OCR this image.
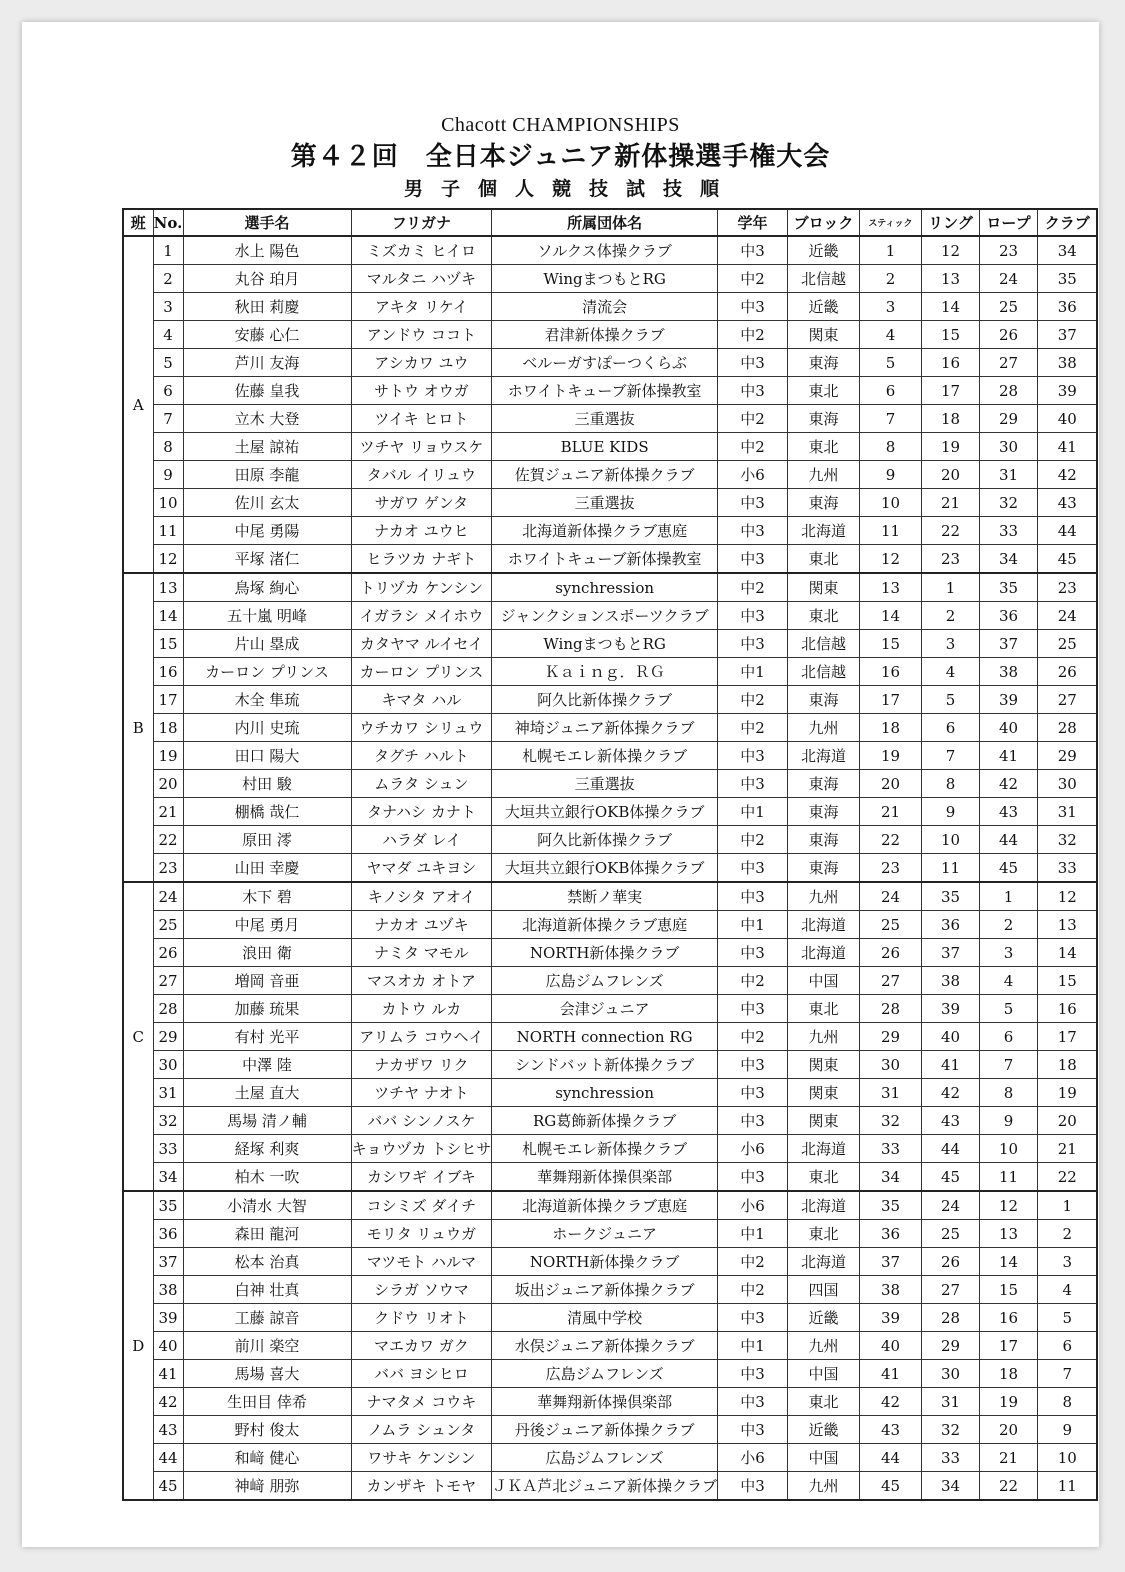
Chacott CHAMPIONSHIPS
第４２回　全日本ジュニア新体操選手権大会
男子個人競技試技順
班	No.	選手名	フリガナ	所属団体名	学年	ブロック	スティック	リング	ロープ	クラブ
A	1	水上 陽色	ミズカミ ヒイロ	ソルクス体操クラブ	中3	近畿	1	12	23	34
	2	丸谷 珀月	マルタニ ハヅキ	WingまつもとRG	中2	北信越	2	13	24	35
	3	秋田 莉慶	アキタ リケイ	清流会	中3	近畿	3	14	25	36
	4	安藤 心仁	アンドウ ココト	君津新体操クラブ	中2	関東	4	15	26	37
	5	芦川 友海	アシカワ ユウ	ベルーガすぽーつくらぶ	中3	東海	5	16	27	38
	6	佐藤 皇我	サトウ オウガ	ホワイトキューブ新体操教室	中3	東北	6	17	28	39
	7	立木 大登	ツイキ ヒロト	三重選抜	中2	東海	7	18	29	40
	8	土屋 諒祐	ツチヤ リョウスケ	BLUE KIDS	中2	東北	8	19	30	41
	9	田原 李龍	タバル イリュウ	佐賀ジュニア新体操クラブ	小6	九州	9	20	31	42
	10	佐川 玄太	サガワ ゲンタ	三重選抜	中3	東海	10	21	32	43
	11	中尾 勇陽	ナカオ ユウヒ	北海道新体操クラブ恵庭	中3	北海道	11	22	33	44
	12	平塚 渚仁	ヒラツカ ナギト	ホワイトキューブ新体操教室	中3	東北	12	23	34	45
B	13	鳥塚 絢心	トリヅカ ケンシン	synchression	中2	関東	13	1	35	23
	14	五十嵐 明峰	イガラシ メイホウ	ジャンクションスポーツクラブ	中3	東北	14	2	36	24
	15	片山 塁成	カタヤマ ルイセイ	WingまつもとRG	中3	北信越	15	3	37	25
	16	カーロン プリンス	カーロン プリンス	Ｋａｉｎｇ．ＲＧ	中1	北信越	16	4	38	26
	17	木全 隼琉	キマタ ハル	阿久比新体操クラブ	中2	東海	17	5	39	27
	18	内川 史琉	ウチカワ シリュウ	神埼ジュニア新体操クラブ	中2	九州	18	6	40	28
	19	田口 陽大	タグチ ハルト	札幌モエレ新体操クラブ	中3	北海道	19	7	41	29
	20	村田 駿	ムラタ シュン	三重選抜	中3	東海	20	8	42	30
	21	棚橋 哉仁	タナハシ カナト	大垣共立銀行OKB体操クラブ	中1	東海	21	9	43	31
	22	原田 澪	ハラダ レイ	阿久比新体操クラブ	中2	東海	22	10	44	32
	23	山田 幸慶	ヤマダ ユキヨシ	大垣共立銀行OKB体操クラブ	中3	東海	23	11	45	33
C	24	木下 碧	キノシタ アオイ	禁断ノ華実	中3	九州	24	35	1	12
	25	中尾 勇月	ナカオ ユヅキ	北海道新体操クラブ恵庭	中1	北海道	25	36	2	13
	26	浪田 衛	ナミタ マモル	NORTH新体操クラブ	中3	北海道	26	37	3	14
	27	増岡 音亜	マスオカ オトア	広島ジムフレンズ	中2	中国	27	38	4	15
	28	加藤 琉果	カトウ ルカ	会津ジュニア	中3	東北	28	39	5	16
	29	有村 光平	アリムラ コウヘイ	NORTH connection RG	中2	九州	29	40	6	17
	30	中澤 陸	ナカザワ リク	シンドバット新体操クラブ	中3	関東	30	41	7	18
	31	土屋 直大	ツチヤ ナオト	synchression	中3	関東	31	42	8	19
	32	馬場 清ノ輔	ババ シンノスケ	RG葛飾新体操クラブ	中3	関東	32	43	9	20
	33	経塚 利爽	キョウヅカ トシヒサ	札幌モエレ新体操クラブ	小6	北海道	33	44	10	21
	34	柏木 一吹	カシワギ イブキ	華舞翔新体操倶楽部	中3	東北	34	45	11	22
D	35	小清水 大智	コシミズ ダイチ	北海道新体操クラブ恵庭	小6	北海道	35	24	12	1
	36	森田 龍河	モリタ リュウガ	ホークジュニア	中1	東北	36	25	13	2
	37	松本 治真	マツモト ハルマ	NORTH新体操クラブ	中2	北海道	37	26	14	3
	38	白神 壮真	シラガ ソウマ	坂出ジュニア新体操クラブ	中2	四国	38	27	15	4
	39	工藤 諒音	クドウ リオト	清風中学校	中3	近畿	39	28	16	5
	40	前川 楽空	マエカワ ガク	水俣ジュニア新体操クラブ	中1	九州	40	29	17	6
	41	馬場 喜大	ババ ヨシヒロ	広島ジムフレンズ	中3	中国	41	30	18	7
	42	生田目 倖希	ナマタメ コウキ	華舞翔新体操倶楽部	中3	東北	42	31	19	8
	43	野村 俊太	ノムラ シュンタ	丹後ジュニア新体操クラブ	中3	近畿	43	32	20	9
	44	和﨑 健心	ワサキ ケンシン	広島ジムフレンズ	小6	中国	44	33	21	10
	45	神﨑 朋弥	カンザキ トモヤ	ＪＫＡ芦北ジュニア新体操クラブ	中3	九州	45	34	22	11
